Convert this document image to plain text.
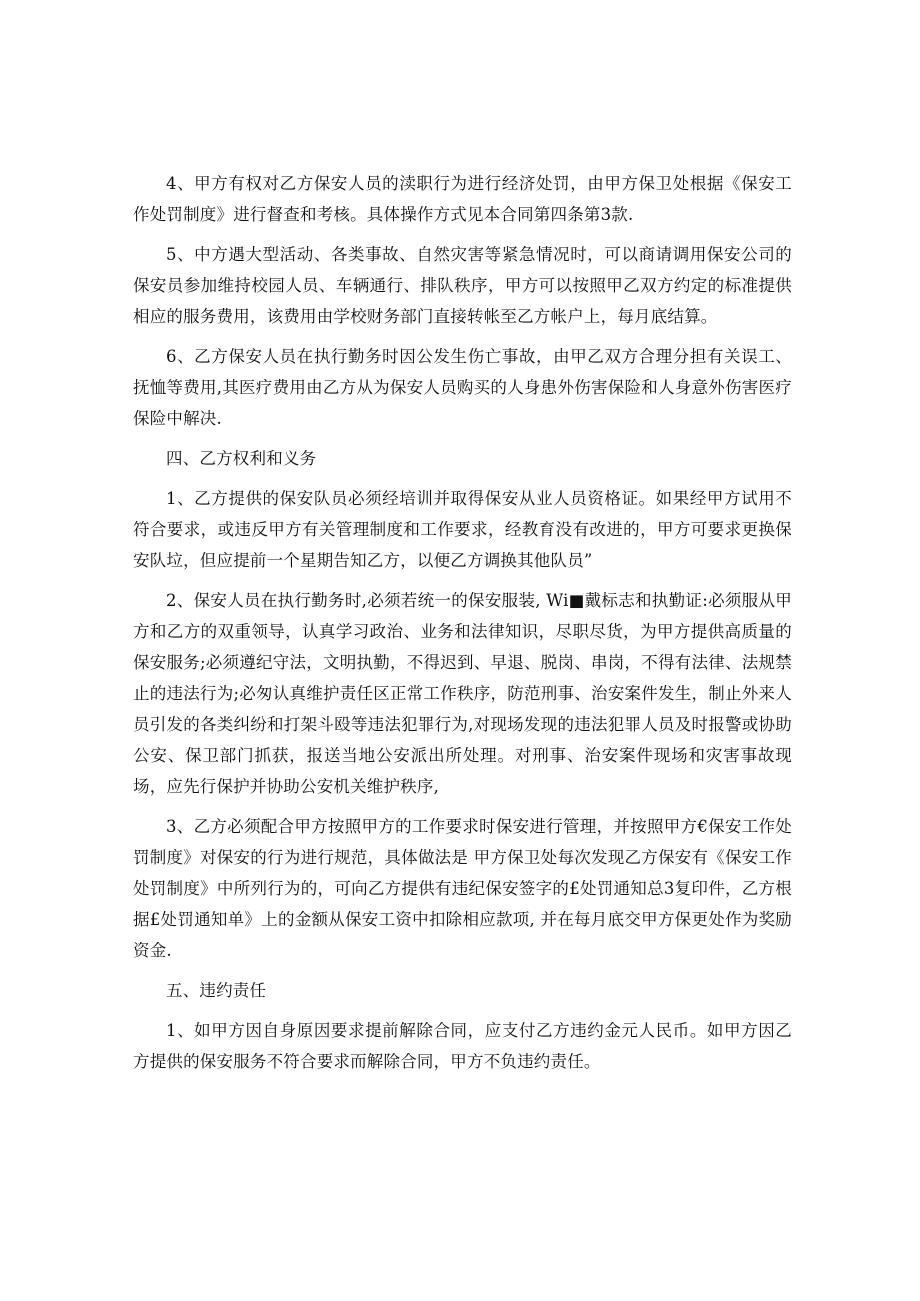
4、甲方有权对乙方保安人员的渎职行为进行经济处罚，由甲方保卫处根据《保安工作处罚制度》进行督查和考核。具体操作方式见本合同第四条第3款.

5、中方遇大型活动、各类事故、自然灾害等紧急情况时，可以商请调用保安公司的保安员参加维持校园人员、车辆通行、排队秩序，甲方可以按照甲乙双方约定的标准提供相应的服务费用，该费用由学校财务部门直接转帐至乙方帐户上，每月底结算。

6、乙方保安人员在执行勤务时因公发生伤亡事故，由甲乙双方合理分担有关误工、抚恤等费用,其医疗费用由乙方从为保安人员购买的人身患外伤害保险和人身意外伤害医疗保险中解决.

四、乙方权利和义务

1、乙方提供的保安队员必须经培训并取得保安从业人员资格证。如果经甲方试用不符合要求，或违反甲方有关管理制度和工作要求，经教育没有改进的，甲方可要求更换保安队垃，但应提前一个星期告知乙方，以便乙方调换其他队员”

2、保安人员在执行勤务时,必须若统一的保安服装, Wi■戴标志和执勤证:必须服从甲方和乙方的双重领导，认真学习政治、业务和法律知识，尽职尽货，为甲方提供高质量的保安服务;必须遵纪守法，文明执勤，不得迟到、早退、脱岗、串岗，不得有法律、法规禁止的违法行为;必匆认真维护责任区正常工作秩序，防范刑事、治安案件发生，制止外来人员引发的各类纠纷和打架斗殴等违法犯罪行为,对现场发现的违法犯罪人员及时报警或协助公安、保卫部门抓获，报送当地公安派出所处理。对刑事、治安案件现场和灾害事故现场，应先行保护并协助公安机关维护秩序,

3、乙方必须配合甲方按照甲方的工作要求时保安进行管理，并按照甲方€保安工作处罚制度》对保安的行为进行规范，具体做法是 甲方保卫处每次发现乙方保安有《保安工作处罚制度》中所列行为的，可向乙方提供有违纪保安签字的£处罚通知总3复印件，乙方根据£处罚通知单》上的金额从保安工资中扣除相应款项, 并在每月底交甲方保更处作为奖励资金.

五、违约责任

1、如甲方因自身原因要求提前解除合同，应支付乙方违约金元人民币。如甲方因乙方提供的保安服务不符合要求而解除合同，甲方不负违约责任。
